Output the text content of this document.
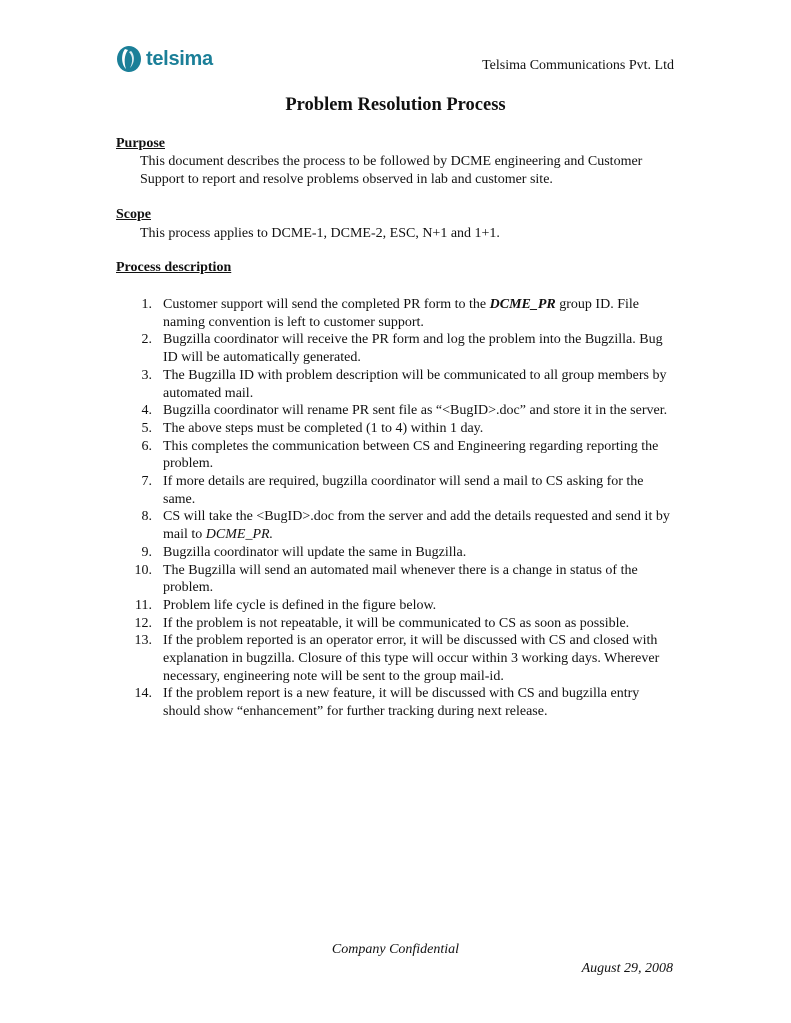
telsima	Telsima Communications Pvt. Ltd
Problem Resolution Process
Purpose
This document describes the process to be followed by DCME engineering and Customer Support to report and resolve problems observed in lab and customer site.
Scope
This process applies to DCME-1, DCME-2, ESC, N+1 and 1+1.
Process description
1. Customer support will send the completed PR form to the DCME_PR group ID. File naming convention is left to customer support.
2. Bugzilla coordinator will receive the PR form and log the problem into the Bugzilla. Bug ID will be automatically generated.
3. The Bugzilla ID with problem description will be communicated to all group members by automated mail.
4. Bugzilla coordinator will rename PR sent file as “<BugID>.doc” and store it in the server.
5. The above steps must be completed (1 to 4) within 1 day.
6. This completes the communication between CS and Engineering regarding reporting the problem.
7. If more details are required, bugzilla coordinator will send a mail to CS asking for the same.
8. CS will take the <BugID>.doc from the server and add the details requested and send it by mail to DCME_PR.
9. Bugzilla coordinator will update the same in Bugzilla.
10. The Bugzilla will send an automated mail whenever there is a change in status of the problem.
11. Problem life cycle is defined in the figure below.
12. If the problem is not repeatable, it will be communicated to CS as soon as possible.
13. If the problem reported is an operator error, it will be discussed with CS and closed with explanation in bugzilla. Closure of this type will occur within 3 working days. Wherever necessary, engineering note will be sent to the group mail-id.
14. If the problem report is a new feature, it will be discussed with CS and bugzilla entry should show “enhancement” for further tracking during next release.
Company Confidential
August 29, 2008
